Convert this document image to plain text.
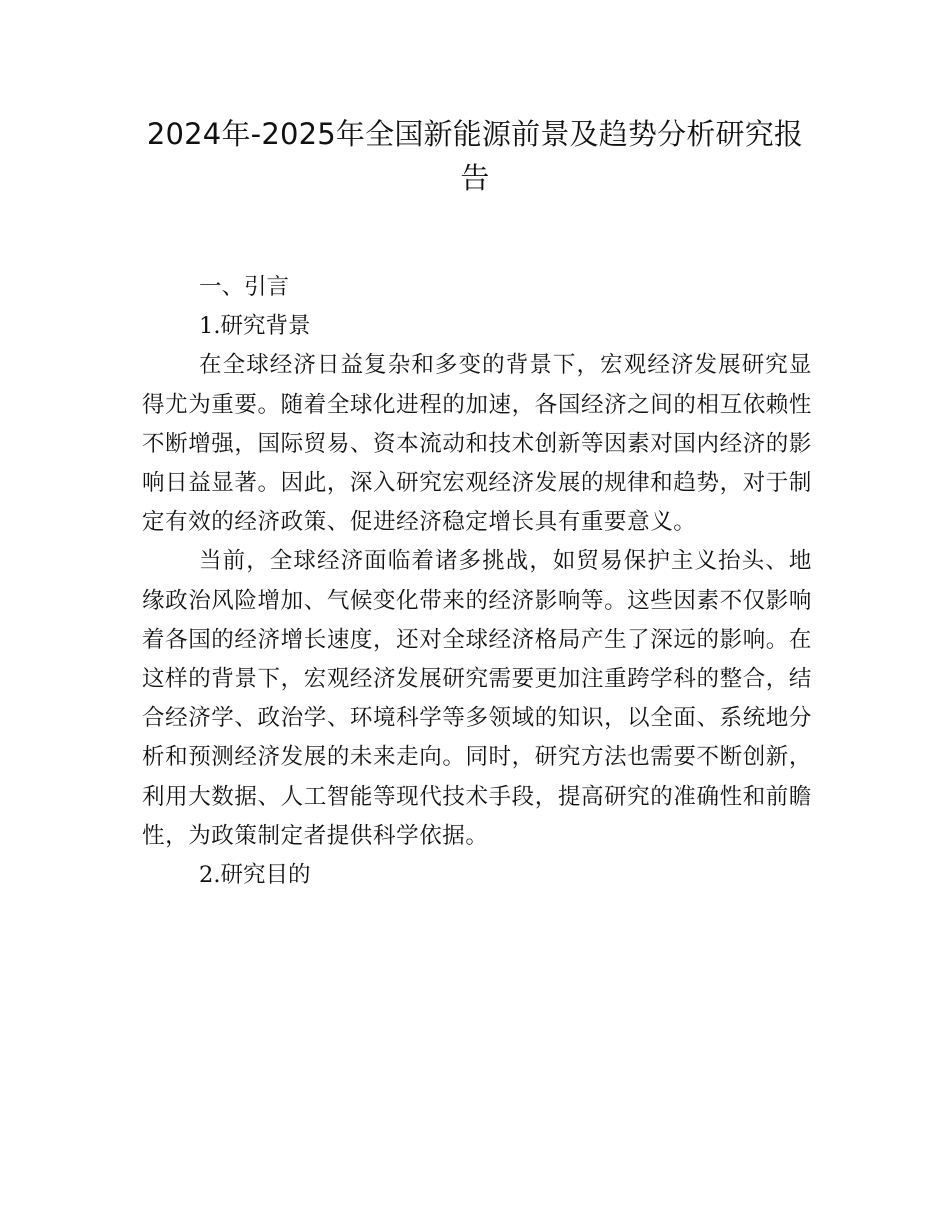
2024年-2025年全国新能源前景及趋势分析研究报告

一、引言

1.研究背景

在全球经济日益复杂和多变的背景下，宏观经济发展研究显得尤为重要。随着全球化进程的加速，各国经济之间的相互依赖性不断增强，国际贸易、资本流动和技术创新等因素对国内经济的影响日益显著。因此，深入研究宏观经济发展的规律和趋势，对于制定有效的经济政策、促进经济稳定增长具有重要意义。

当前，全球经济面临着诸多挑战，如贸易保护主义抬头、地缘政治风险增加、气候变化带来的经济影响等。这些因素不仅影响着各国的经济增长速度，还对全球经济格局产生了深远的影响。在这样的背景下，宏观经济发展研究需要更加注重跨学科的整合，结合经济学、政治学、环境科学等多领域的知识，以全面、系统地分析和预测经济发展的未来走向。同时，研究方法也需要不断创新，利用大数据、人工智能等现代技术手段，提高研究的准确性和前瞻性，为政策制定者提供科学依据。

2.研究目的
